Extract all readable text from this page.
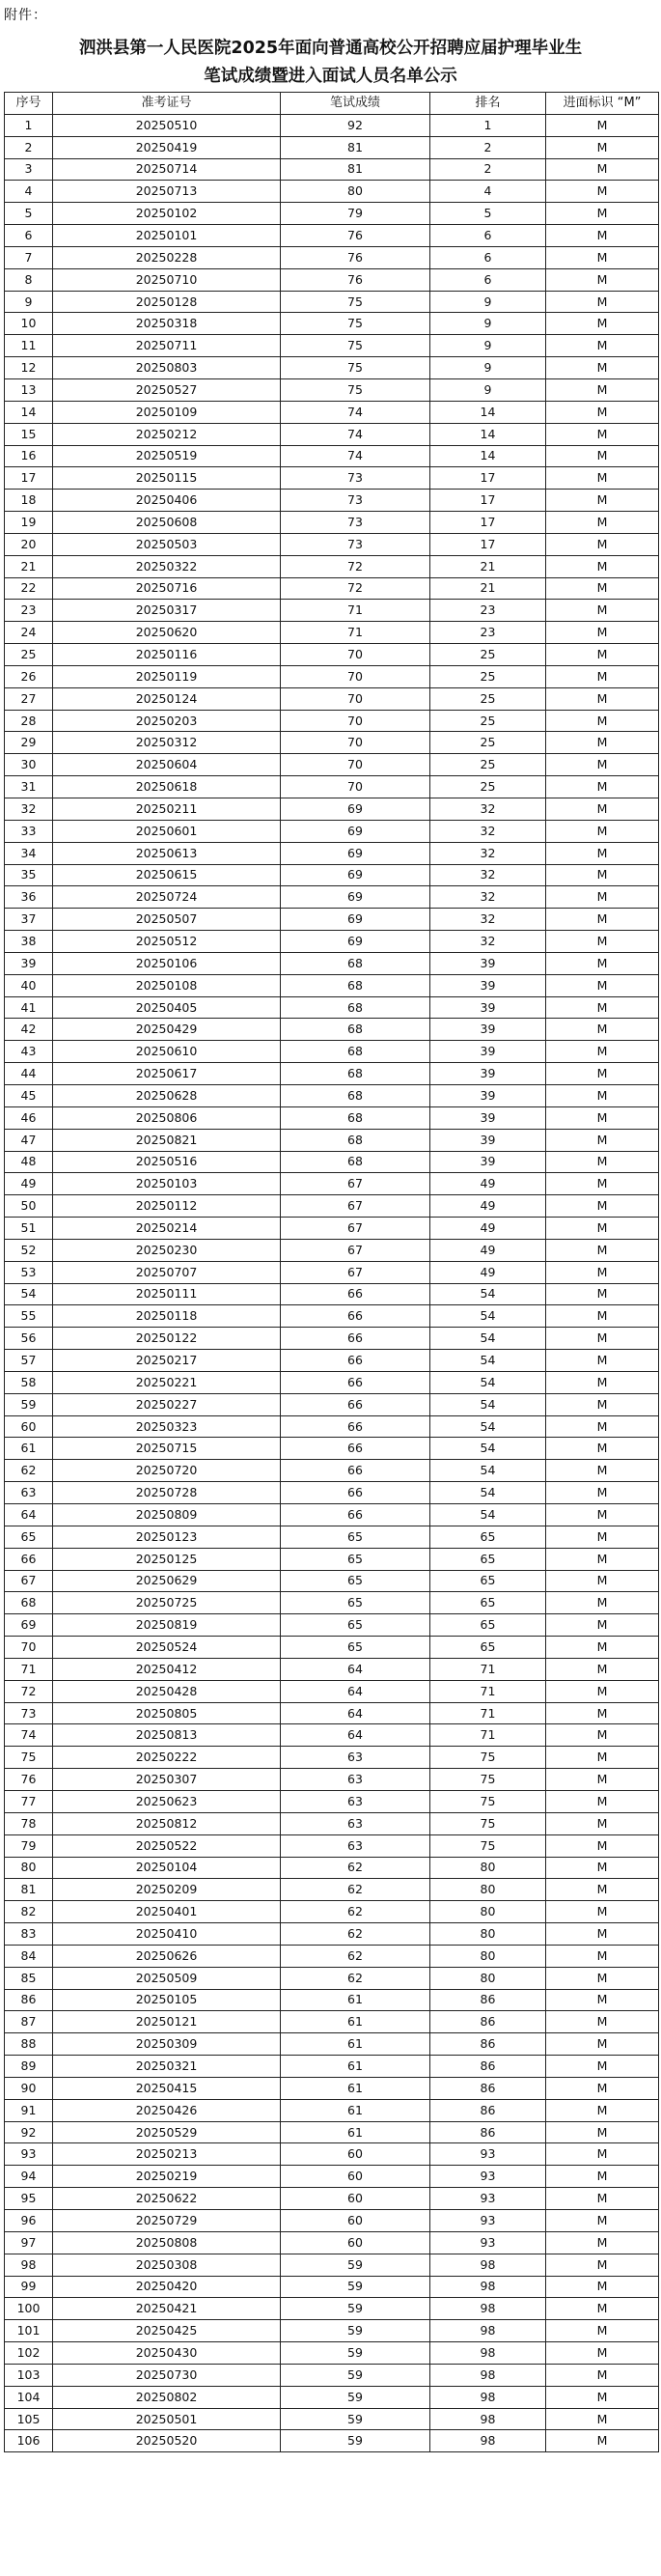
附件：
泗洪县第一人民医院2025年面向普通高校公开招聘应届护理毕业生
笔试成绩暨进入面试人员名单公示
序号	准考证号	笔试成绩	排名	进面标识 “M”
1	20250510	92	1	M
2	20250419	81	2	M
3	20250714	81	2	M
4	20250713	80	4	M
5	20250102	79	5	M
6	20250101	76	6	M
7	20250228	76	6	M
8	20250710	76	6	M
9	20250128	75	9	M
10	20250318	75	9	M
11	20250711	75	9	M
12	20250803	75	9	M
13	20250527	75	9	M
14	20250109	74	14	M
15	20250212	74	14	M
16	20250519	74	14	M
17	20250115	73	17	M
18	20250406	73	17	M
19	20250608	73	17	M
20	20250503	73	17	M
21	20250322	72	21	M
22	20250716	72	21	M
23	20250317	71	23	M
24	20250620	71	23	M
25	20250116	70	25	M
26	20250119	70	25	M
27	20250124	70	25	M
28	20250203	70	25	M
29	20250312	70	25	M
30	20250604	70	25	M
31	20250618	70	25	M
32	20250211	69	32	M
33	20250601	69	32	M
34	20250613	69	32	M
35	20250615	69	32	M
36	20250724	69	32	M
37	20250507	69	32	M
38	20250512	69	32	M
39	20250106	68	39	M
40	20250108	68	39	M
41	20250405	68	39	M
42	20250429	68	39	M
43	20250610	68	39	M
44	20250617	68	39	M
45	20250628	68	39	M
46	20250806	68	39	M
47	20250821	68	39	M
48	20250516	68	39	M
49	20250103	67	49	M
50	20250112	67	49	M
51	20250214	67	49	M
52	20250230	67	49	M
53	20250707	67	49	M
54	20250111	66	54	M
55	20250118	66	54	M
56	20250122	66	54	M
57	20250217	66	54	M
58	20250221	66	54	M
59	20250227	66	54	M
60	20250323	66	54	M
61	20250715	66	54	M
62	20250720	66	54	M
63	20250728	66	54	M
64	20250809	66	54	M
65	20250123	65	65	M
66	20250125	65	65	M
67	20250629	65	65	M
68	20250725	65	65	M
69	20250819	65	65	M
70	20250524	65	65	M
71	20250412	64	71	M
72	20250428	64	71	M
73	20250805	64	71	M
74	20250813	64	71	M
75	20250222	63	75	M
76	20250307	63	75	M
77	20250623	63	75	M
78	20250812	63	75	M
79	20250522	63	75	M
80	20250104	62	80	M
81	20250209	62	80	M
82	20250401	62	80	M
83	20250410	62	80	M
84	20250626	62	80	M
85	20250509	62	80	M
86	20250105	61	86	M
87	20250121	61	86	M
88	20250309	61	86	M
89	20250321	61	86	M
90	20250415	61	86	M
91	20250426	61	86	M
92	20250529	61	86	M
93	20250213	60	93	M
94	20250219	60	93	M
95	20250622	60	93	M
96	20250729	60	93	M
97	20250808	60	93	M
98	20250308	59	98	M
99	20250420	59	98	M
100	20250421	59	98	M
101	20250425	59	98	M
102	20250430	59	98	M
103	20250730	59	98	M
104	20250802	59	98	M
105	20250501	59	98	M
106	20250520	59	98	M
